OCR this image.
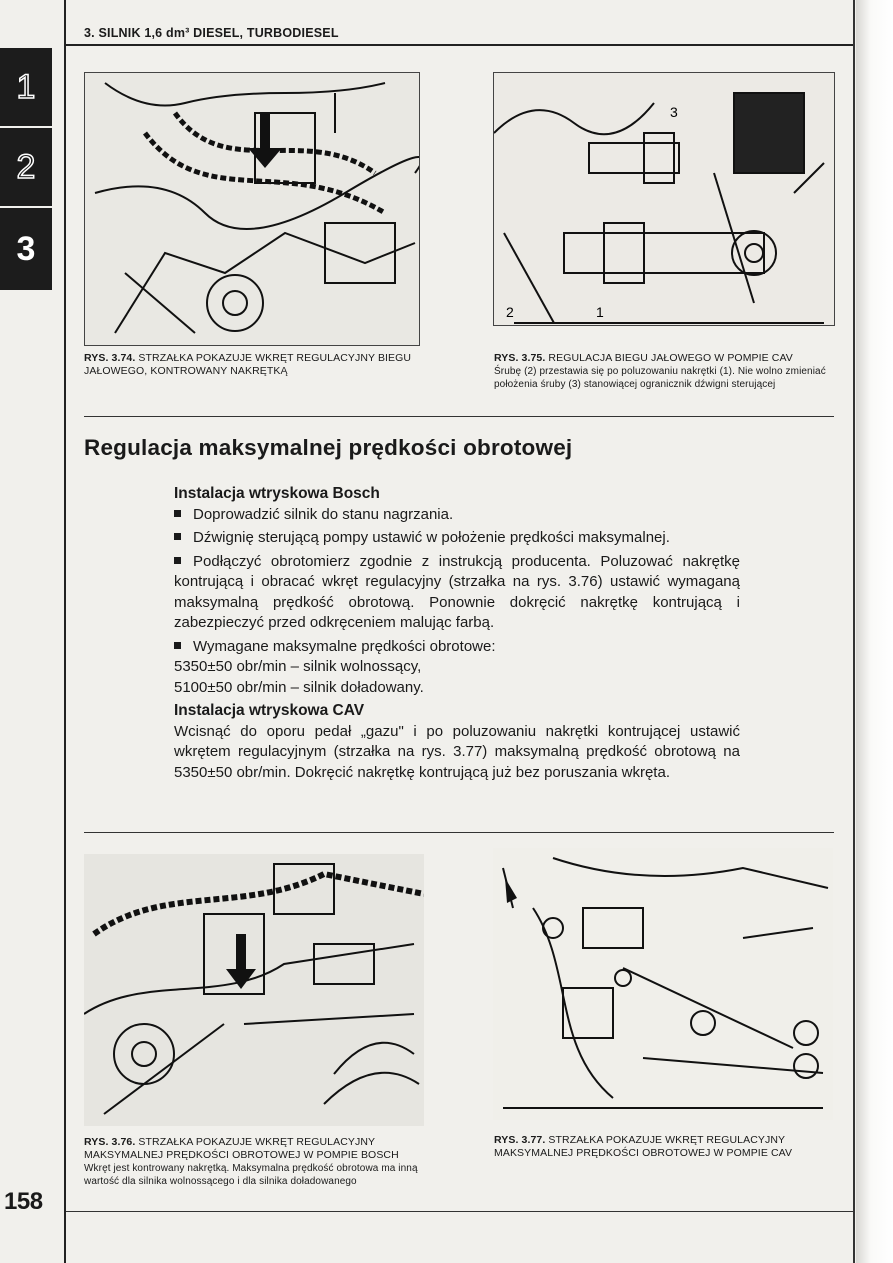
3. SILNIK 1,6 dm³ DIESEL, TURBODIESEL
1
2
3
RYS. 3.74. STRZAŁKA POKAZUJE WKRĘT REGULACYJNY BIEGU JAŁOWEGO, KONTROWANY NAKRĘTKĄ
2	1
3
RYS. 3.75. REGULACJA BIEGU JAŁOWEGO W POMPIE CAV
Śrubę (2) przestawia się po poluzowaniu nakrętki (1). Nie wolno zmieniać położenia śruby (3) stanowiącej ogranicznik dźwigni sterującej
Regulacja maksymalnej prędkości obrotowej

Instalacja wtryskowa Bosch

Doprowadzić silnik do stanu nagrzania.

Dźwignię sterującą pompy ustawić w położenie prędkości maksymalnej.

Podłączyć obrotomierz zgodnie z instrukcją producenta. Poluzować nakrętkę kontrującą i obracać wkręt regulacyjny (strzałka na rys. 3.76) ustawić wymaganą maksymalną prędkość obrotową. Ponownie dokręcić nakrętkę kontrującą i zabezpieczyć przed odkręceniem malując farbą.

Wymagane maksymalne prędkości obrotowe:

5350±50 obr/min – silnik wolnossący,

5100±50 obr/min – silnik doładowany.

Instalacja wtryskowa CAV

Wcisnąć do oporu pedał „gazu" i po poluzowaniu nakrętki kontrującej ustawić wkrętem regulacyjnym (strzałka na rys. 3.77) maksymalną prędkość obrotową na 5350±50 obr/min. Dokręcić nakrętkę kontrującą już bez poruszania wkręta.

RYS. 3.76. STRZAŁKA POKAZUJE WKRĘT REGULACYJNY MAKSYMALNEJ PRĘDKOŚCI OBROTOWEJ W POMPIE BOSCH
Wkręt jest kontrowany nakrętką. Maksymalna prędkość obrotowa ma inną wartość dla silnika wolnossącego i dla silnika doładowanego
RYS. 3.77. STRZAŁKA POKAZUJE WKRĘT REGULACYJNY MAKSYMALNEJ PRĘDKOŚCI OBROTOWEJ W POMPIE CAV
158
